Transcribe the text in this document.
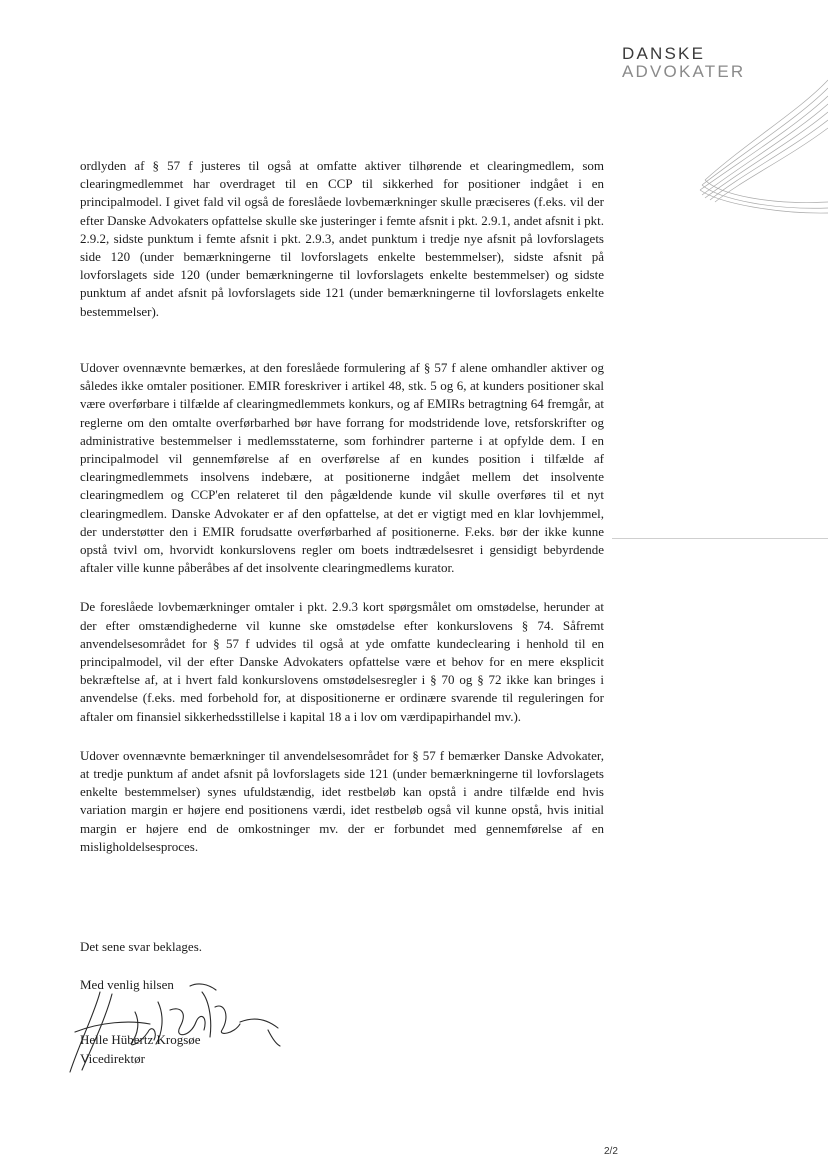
DANSKE
ADVOKATER

ordlyden af § 57 f justeres til også at omfatte aktiver tilhørende et clearingmedlem, som clearingmedlemmet har overdraget til en CCP til sikkerhed for positioner indgået i en principalmodel. I givet fald vil også de foreslåede lovbemærkninger skulle præciseres (f.eks. vil der efter Danske Advokaters opfattelse skulle ske justeringer i femte afsnit i pkt. 2.9.1, andet afsnit i pkt. 2.9.2, sidste punktum i femte afsnit i pkt. 2.9.3, andet punktum i tredje nye afsnit på lovforslagets side 120 (under bemærkningerne til lovforslagets enkelte bestemmelser), sidste afsnit på lovforslagets side 120 (under bemærkningerne til lovforslagets enkelte bestemmelser) og sidste punktum af andet afsnit på lovforslagets side 121 (under bemærkningerne til lovforslagets enkelte bestemmelser).

Udover ovennævnte bemærkes, at den foreslåede formulering af § 57 f alene omhandler aktiver og således ikke omtaler positioner. EMIR foreskriver i artikel 48, stk. 5 og 6, at kunders positioner skal være overførbare i tilfælde af clearingmedlemmets konkurs, og af EMIRs betragtning 64 fremgår, at reglerne om den omtalte overførbarhed bør have forrang for modstridende love, retsforskrifter og administrative bestemmelser i medlemsstaterne, som forhindrer parterne i at opfylde dem. I en principalmodel vil gennemførelse af en overførelse af en kundes position i tilfælde af clearingmedlemmets insolvens indebære, at positionerne indgået mellem det insolvente clearingmedlem og CCP'en relateret til den pågældende kunde vil skulle overføres til et nyt clearingmedlem. Danske Advokater er af den opfattelse, at det er vigtigt med en klar lovhjemmel, der understøtter den i EMIR forudsatte overførbarhed af positionerne. F.eks. bør der ikke kunne opstå tvivl om, hvorvidt konkurslovens regler om boets indtrædelsesret i gensidigt bebyrdende aftaler ville kunne påberåbes af det insolvente clearingmedlems kurator.

De foreslåede lovbemærkninger omtaler i pkt. 2.9.3 kort spørgsmålet om omstødelse, herunder at der efter omstændighederne vil kunne ske omstødelse efter konkurslovens § 74. Såfremt anvendelsesområdet for § 57 f udvides til også at yde omfatte kundeclearing i henhold til en principalmodel, vil der efter Danske Advokaters opfattelse være et behov for en mere eksplicit bekræftelse af, at i hvert fald konkurslovens omstødelsesregler i § 70 og § 72 ikke kan bringes i anvendelse (f.eks. med forbehold for, at dispositionerne er ordinære svarende til reguleringen for aftaler om finansiel sikkerhedsstillelse i kapital 18 a i lov om værdipapirhandel mv.).

Udover ovennævnte bemærkninger til anvendelsesområdet for § 57 f bemærker Danske Advokater, at tredje punktum af andet afsnit på lovforslagets side 121 (under bemærkningerne til lovforslagets enkelte bestemmelser) synes ufuldstændig, idet restbeløb kan opstå i andre tilfælde end hvis variation margin er højere end positionens værdi, idet restbeløb også vil kunne opstå, hvis initial margin er højere end de omkostninger mv. der er forbundet med gennemførelse af en misligholdelsesproces.

Det sene svar beklages.
Med venlig hilsen
Helle Hübertz Krogsøe
Vicedirektør
2/2
